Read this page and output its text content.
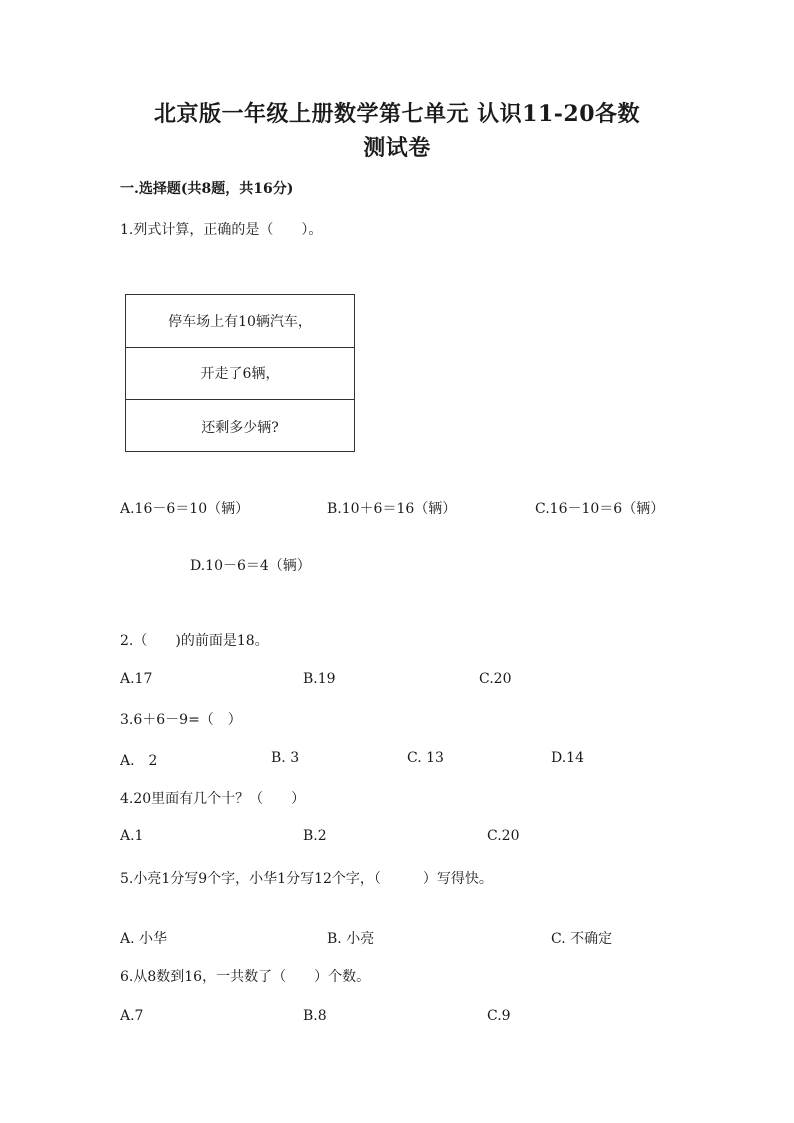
北京版一年级上册数学第七单元 认识11-20各数
测试卷
一.选择题(共8题，共16分)
1.列式计算，正确的是（　　）。
停车场上有10辆汽车，
开走了6辆，
还剩多少辆?
A.16－6＝10（辆）	B.10＋6＝16（辆）	C.16－10＝6（辆）
D.10－6＝4（辆）
2.（　　)的前面是18。
A.17	B.19	C.20
3.6＋6－9=（　）
A.　2	B. 3	C. 13	D.14
4.20里面有几个十？（　　）
A.1	B.2	C.20
5.小亮1分写9个字，小华1分写12个字，（　　　）写得快。
A. 小华	B. 小亮	C. 不确定
6.从8数到16，一共数了（　　）个数。
A.7	B.8	C.9
